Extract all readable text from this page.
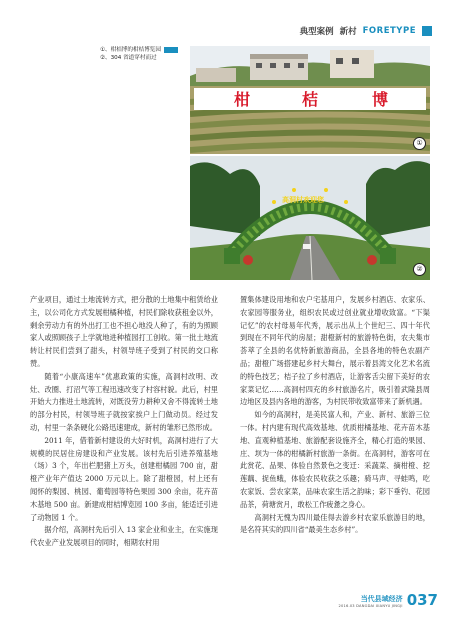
典型案例 新村 FORETYPE
①、柑桔博的柑桔博览园
②、304 省道穿村而过
柑	桔	博
①
高洞村欢迎您
②

产业项目，通过土地流转方式，把分散的土地集中租赁给业主，以公司化方式发展柑橘种植，村民们除收获租金以外，剩余劳动力有的外出打工也不担心地没人种了，有的为照顾家人或照顾孩子上学就地进种植园打工创收。第一批土地流转让村民们尝到了甜头，村领导班子受到了村民的交口称赞。

随着“小康高速车”优惠政策的实施，高洞村改明、改灶、改圈、打沼气等工程迅速改变了村容村貌。此后，村里开始大力推进土地流转，对既没劳力耕种又舍不得流转土地的部分村民，村领导班子就按家挨户上门做动员。经过发动，村里一条条硬化公路迅速建成，新村的雏形已然形成。

2011 年，借着新村建设的大好时机，高洞村进行了大规模的民居住房建设和产业发展。该村先后引进养殖基地（场）3 个，年出栏肥猪上万头，创建柑橘园 700 亩，甜橙产业年产值达 2000 万元以上。除了甜橙园，村上还有闻怀的梨园、桃园、葡萄园等特色果园 300 余亩，花卉苗木基地 500 亩。新建成柑桔博览园 100 多亩，能适迁引进了动物园 1 个。

据介绍，高洞村先后引入 13 家企业和业主，在实施现代农业产业发展项目的同时，相期农村用

置集体建设用地和农户宅基用户，发展乡村酒店、农家乐、农家园等服务业，组织农民或过创业就业增收致富。“下渠记忆”的农村母易年代秀，展示出从上个世纪三、四十年代到现在不同年代的房屋；甜橙新村的旅游特色街，农夫集市荟萃了全县的名优特新旅游商品，全县各地的特色农副产品；甜橙广场搭建起乡村大舞台，展示着县湾文化艺术名流的特色技艺；桔子拉了乡村酒店，让游客舌尖留下美好的农家菜记忆……高洞村四充的乡村旅游名片，吸引着武隆县周边地区及县内各地的游客，为村民带收致富带来了新机遇。

如今的高洞村，是美民富人和，产业、新村、旅游三位一体。村内建有现代高效基地、优质柑橘基地、花卉苗木基地、直观种植基地、旅游配套设施齐全，精心打造的果园、庄、坝为一体的柑橘新村旅游一条街。在高洞村，游客可在此赏花、品果、体验自然景色之变迁：采蔬菜、摘柑橙、挖莲藕、捉鱼蛾，体验农民收获之乐趣；骑马声、寻蛙鸣，吃农家饭、尝农家菜，品味农家生活之韵味；彩下垂钓、花园品茶，荷塘赏月，敢松工作疲惫之身心。

高洞村无愧为四川最佳得去游乡村农家乐旅游目的地，是名符其实的四川省“最美生态乡村”。

当代县域经济
2016.03 DANGDAI XIANYU JINGJI 037
